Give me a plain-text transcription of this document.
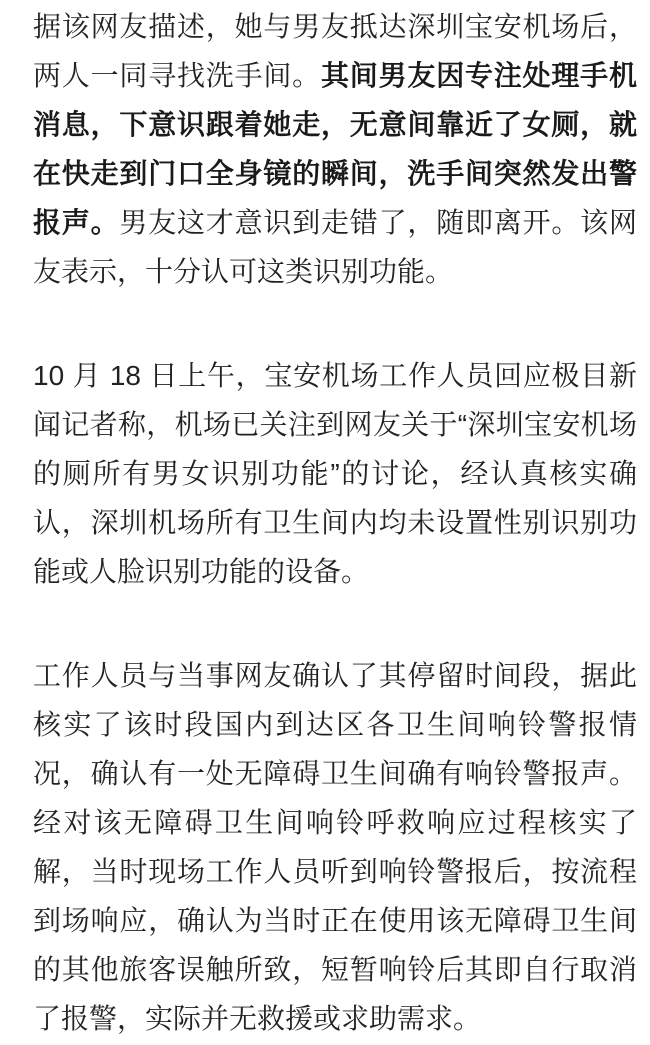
据该网友描述，她与男友抵达深圳宝安机场后，两人一同寻找洗手间。其间男友因专注处理手机消息，下意识跟着她走，无意间靠近了女厕，就在快走到门口全身镜的瞬间，洗手间突然发出警报声。男友这才意识到走错了，随即离开。该网友表示，十分认可这类识别功能。

10 月 18 日上午，宝安机场工作人员回应极目新闻记者称，机场已关注到网友关于“深圳宝安机场的厕所有男女识别功能”的讨论，经认真核实确认，深圳机场所有卫生间内均未设置性别识别功能或人脸识别功能的设备。

工作人员与当事网友确认了其停留时间段，据此核实了该时段国内到达区各卫生间响铃警报情况，确认有一处无障碍卫生间确有响铃警报声。经对该无障碍卫生间响铃呼救响应过程核实了解，当时现场工作人员听到响铃警报后，按流程到场响应，确认为当时正在使用该无障碍卫生间的其他旅客误触所致，短暂响铃后其即自行取消了报警，实际并无救援或求助需求。
